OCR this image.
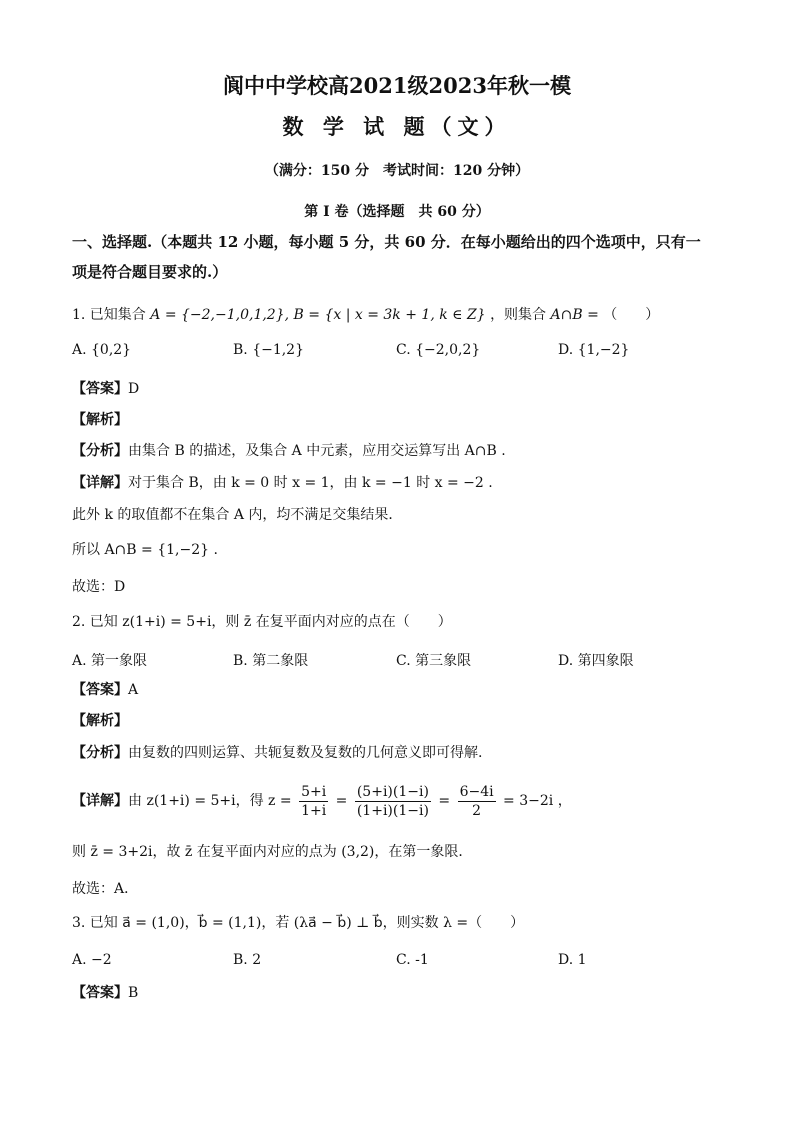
阆中中学校高2021级2023年秋一模
数 学 试 题（文）
（满分：150 分　考试时间：120 分钟）
第 I 卷（选择题　共 60 分）
一、选择题.（本题共 12 小题，每小题 5 分，共 60 分．在每小题给出的四个选项中，只有一
项是符合题目要求的.）
1. 已知集合 A = {−2,−1,0,1,2}, B = {x | x = 3k + 1, k ∈ Z} ，则集合 A∩B = （　　）
A. {0,2}	B. {−1,2}	C. {−2,0,2}	D. {1,−2}
【答案】D
【解析】
【分析】由集合 B 的描述，及集合 A 中元素，应用交运算写出 A∩B .
【详解】对于集合 B，由 k = 0 时 x = 1，由 k = −1 时 x = −2 .
此外 k 的取值都不在集合 A 内，均不满足交集结果．
所以 A∩B = {1,−2} .
故选：D
2. 已知 z(1+i) = 5+i，则 z̄ 在复平面内对应的点在（　　）
A. 第一象限	B. 第二象限	C. 第三象限	D. 第四象限
【答案】A
【解析】
【分析】由复数的四则运算、共轭复数及复数的几何意义即可得解.
【详解】由 z(1+i) = 5+i，得 $z = \frac{5+i}{1+i} = \frac{(5+i)(1-i)}{(1+i)(1-i)} = \frac{6-4i}{2} = 3-2i$ ，
则 z̄ = 3+2i，故 z̄ 在复平面内对应的点为 (3,2)，在第一象限．
故选：A．
3. 已知 a⃗ = (1,0)，b⃗ = (1,1)，若 (λa⃗ − b⃗) ⊥ b⃗，则实数 λ =（　　）
A. −2	B. 2	C. -1	D. 1
【答案】B
